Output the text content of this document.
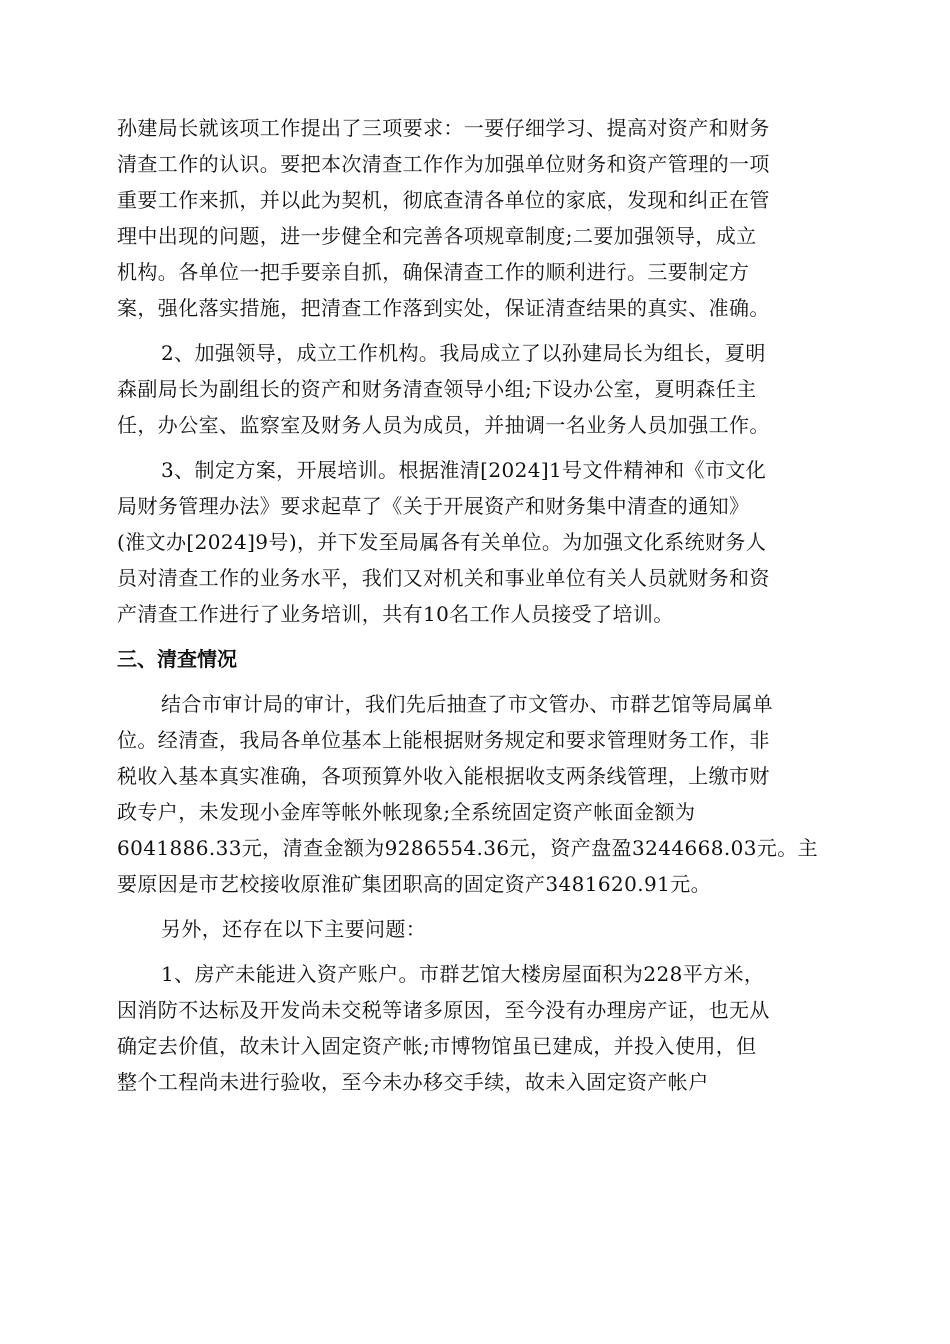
孙建局长就该项工作提出了三项要求：一要仔细学习、提高对资产和财务
清查工作的认识。要把本次清查工作作为加强单位财务和资产管理的一项
重要工作来抓，并以此为契机，彻底查清各单位的家底，发现和纠正在管
理中出现的问题，进一步健全和完善各项规章制度;二要加强领导，成立
机构。各单位一把手要亲自抓，确保清查工作的顺利进行。三要制定方
案，强化落实措施，把清查工作落到实处，保证清查结果的真实、准确。
2、加强领导，成立工作机构。我局成立了以孙建局长为组长，夏明
森副局长为副组长的资产和财务清查领导小组;下设办公室，夏明森任主
任，办公室、监察室及财务人员为成员，并抽调一名业务人员加强工作。
3、制定方案，开展培训。根据淮清[2024]1号文件精神和《市文化
局财务管理办法》要求起草了《关于开展资产和财务集中清查的通知》
(淮文办[2024]9号)，并下发至局属各有关单位。为加强文化系统财务人
员对清查工作的业务水平，我们又对机关和事业单位有关人员就财务和资
产清查工作进行了业务培训，共有10名工作人员接受了培训。
三、清查情况
结合市审计局的审计，我们先后抽查了市文管办、市群艺馆等局属单
位。经清查，我局各单位基本上能根据财务规定和要求管理财务工作，非
税收入基本真实准确，各项预算外收入能根据收支两条线管理，上缴市财
政专户，未发现小金库等帐外帐现象;全系统固定资产帐面金额为
6041886.33元，清查金额为9286554.36元，资产盘盈3244668.03元。主
要原因是市艺校接收原淮矿集团职高的固定资产3481620.91元。
另外，还存在以下主要问题：
1、房产未能进入资产账户。市群艺馆大楼房屋面积为228平方米，
因消防不达标及开发尚未交税等诸多原因，至今没有办理房产证，也无从
确定去价值，故未计入固定资产帐;市博物馆虽已建成，并投入使用，但
整个工程尚未进行验收，至今未办移交手续，故未入固定资产帐户
